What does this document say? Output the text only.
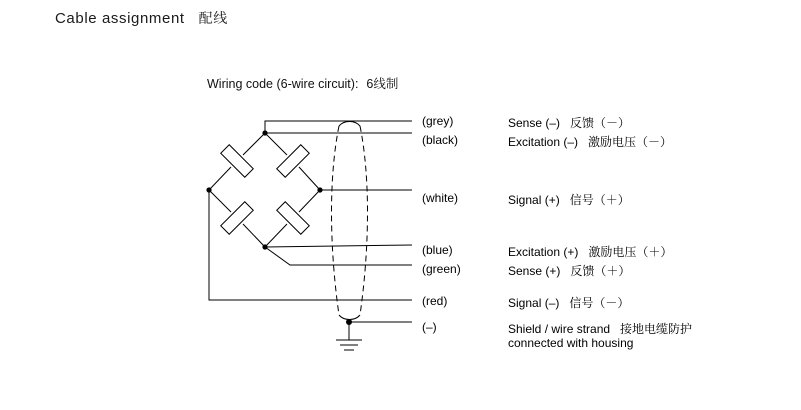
Cable assignment 配线
Wiring code (6-wire circuit): 6线制
(grey)
(black)
(white)
(blue)
(green)
(red)
(–)
Sense (–) 反馈（－）
Excitation (–) 激励电压（－）
Signal (+) 信号（＋）
Excitation (+) 激励电压（＋）
Sense (+) 反馈（＋）
Signal (–) 信号（－）
Shield / wire strand 接地电缆防护
connected with housing
